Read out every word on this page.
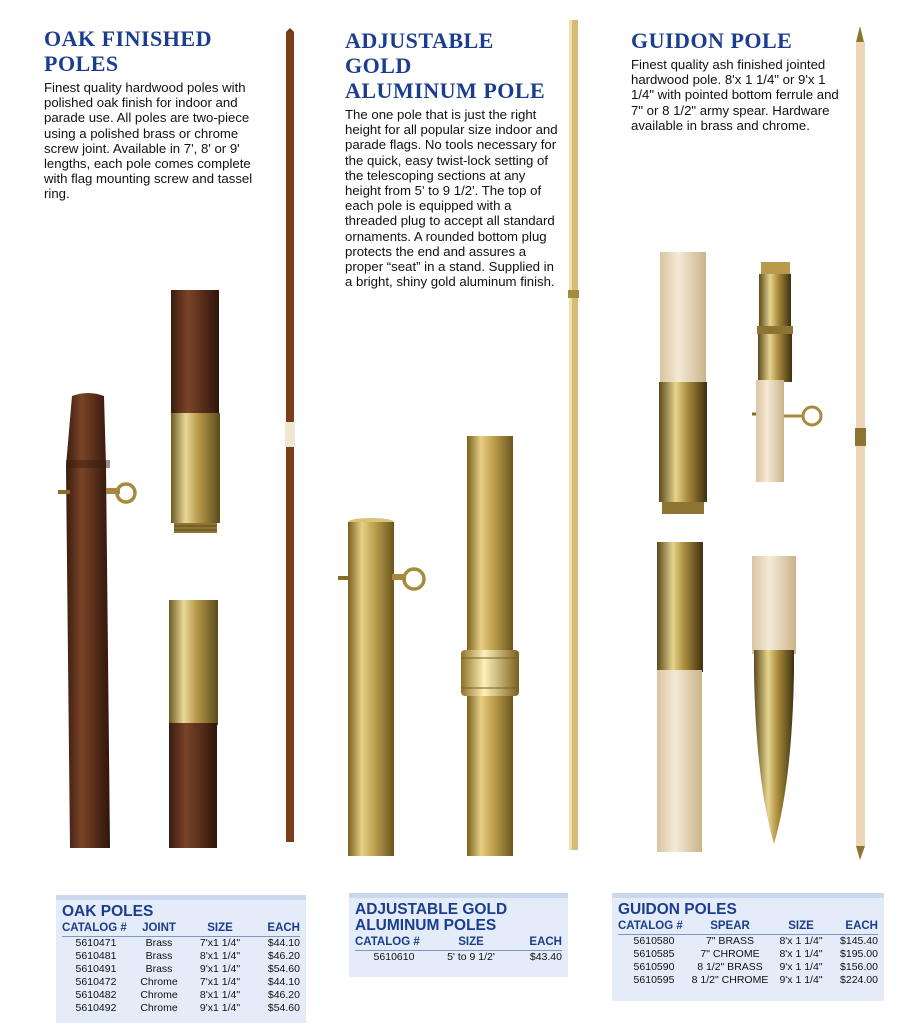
OAK FINISHED POLES
Finest quality hardwood poles with polished oak finish for indoor and parade use. All poles are two-piece using a polished brass or chrome screw joint. Available in 7', 8' or 9' lengths, each pole comes complete with flag mounting screw and tassel ring.
ADJUSTABLE GOLD
ALUMINUM POLE
The one pole that is just the right height for all popular size indoor and parade flags. No tools necessary for the quick, easy twist-lock setting of the telescoping sections at any height from 5' to 9 1/2'. The top of each pole is equipped with a threaded plug to accept all standard ornaments. A rounded bottom plug protects the end and assures a proper “seat” in a stand. Supplied in a bright, shiny gold aluminum finish.
GUIDON POLE
Finest quality ash finished jointed hardwood pole. 8'x 1 1/4" or 9'x 1 1/4" with pointed bottom ferrule and 7" or 8 1/2" army spear. Hardware available in brass and chrome.
OAK POLES
CATALOG #	JOINT	SIZE	EACH
5610471	Brass	7'x1 1/4"	$44.10
5610481	Brass	8'x1 1/4"	$46.20
5610491	Brass	9'x1 1/4"	$54.60
5610472	Chrome	7'x1 1/4"	$44.10
5610482	Chrome	8'x1 1/4"	$46.20
5610492	Chrome	9'x1 1/4"	$54.60
ADJUSTABLE GOLD
ALUMINUM POLES
CATALOG #	SIZE	EACH
5610610	5' to 9 1/2'	$43.40
GUIDON POLES
CATALOG #	SPEAR	SIZE	EACH
5610580	7" BRASS	8'x 1 1/4"	$145.40
5610585	7" CHROME	8'x 1 1/4"	$195.00
5610590	8 1/2" BRASS	9'x 1 1/4"	$156.00
5610595	8 1/2" CHROME	9'x 1 1/4"	$224.00
